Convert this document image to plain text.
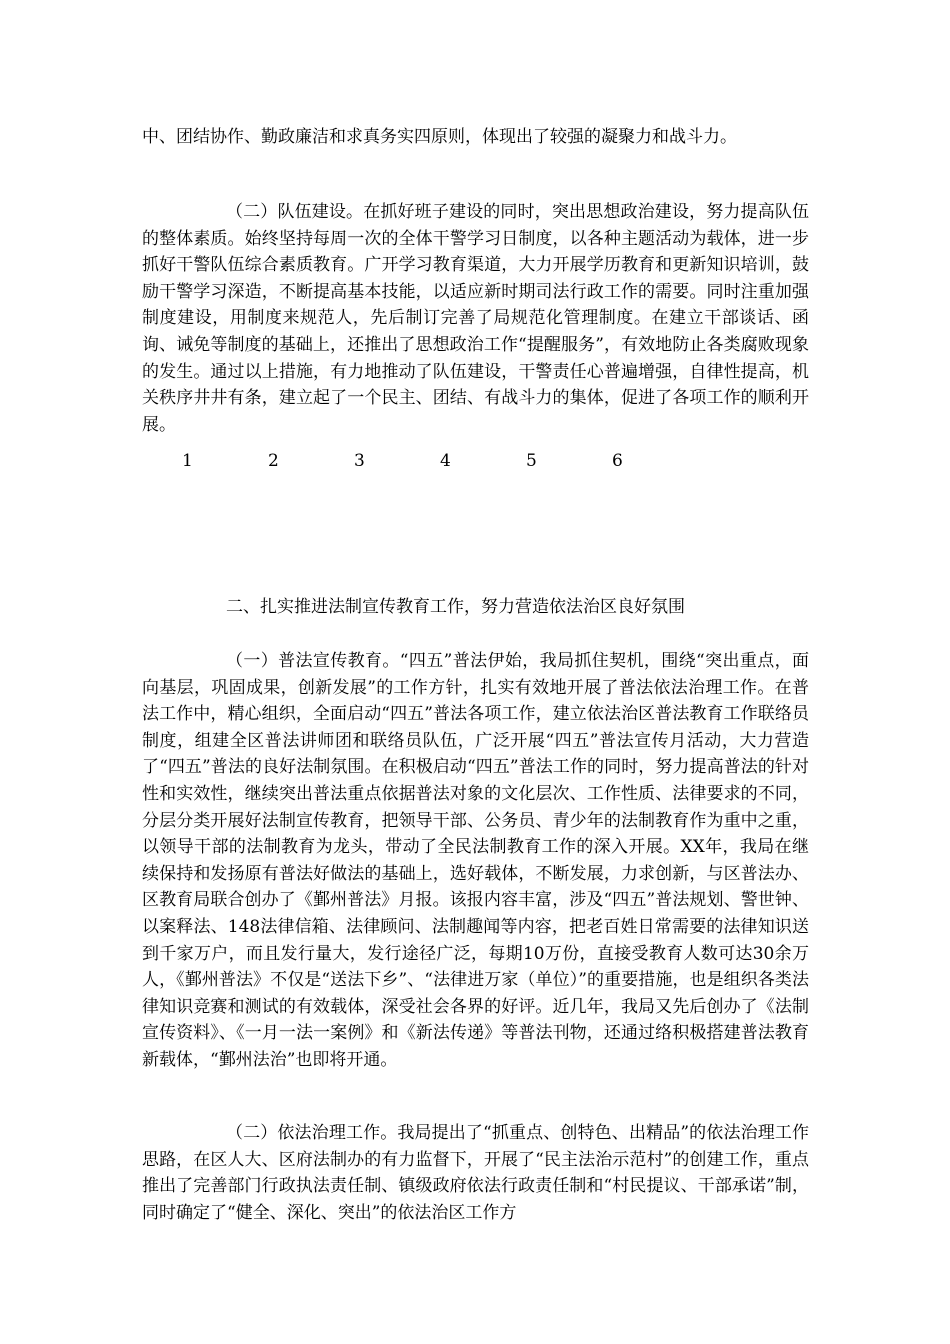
中、团结协作、勤政廉洁和求真务实四原则，体现出了较强的凝聚力和战斗力。

（二）队伍建设。在抓好班子建设的同时，突出思想政治建设，努力提高队伍的整体素质。始终坚持每周一次的全体干警学习日制度，以各种主题活动为载体，进一步抓好干警队伍综合素质教育。广开学习教育渠道，大力开展学历教育和更新知识培训，鼓励干警学习深造，不断提高基本技能，以适应新时期司法行政工作的需要。同时注重加强制度建设，用制度来规范人，先后制订完善了局规范化管理制度。在建立干部谈话、函询、诫免等制度的基础上，还推出了思想政治工作“提醒服务”，有效地防止各类腐败现象的发生。通过以上措施，有力地推动了队伍建设，干警责任心普遍增强，自律性提高，机关秩序井井有条，建立起了一个民主、团结、有战斗力的集体，促进了各项工作的顺利开展。

1	2	3	4	5	6
二、扎实推进法制宣传教育工作，努力营造依法治区良好氛围

（一）普法宣传教育。“四五”普法伊始，我局抓住契机，围绕“突出重点，面向基层，巩固成果，创新发展”的工作方针，扎实有效地开展了普法依法治理工作。在普法工作中，精心组织，全面启动“四五”普法各项工作，建立依法治区普法教育工作联络员制度，组建全区普法讲师团和联络员队伍，广泛开展“四五”普法宣传月活动，大力营造了“四五”普法的良好法制氛围。在积极启动“四五”普法工作的同时，努力提高普法的针对性和实效性，继续突出普法重点依据普法对象的文化层次、工作性质、法律要求的不同，分层分类开展好法制宣传教育，把领导干部、公务员、青少年的法制教育作为重中之重，以领导干部的法制教育为龙头，带动了全民法制教育工作的深入开展。XX年，我局在继续保持和发扬原有普法好做法的基础上，选好载体，不断发展，力求创新，与区普法办、区教育局联合创办了《鄞州普法》月报。该报内容丰富，涉及“四五”普法规划、警世钟、以案释法、148法律信箱、法律顾问、法制趣闻等内容，把老百姓日常需要的法律知识送到千家万户，而且发行量大，发行途径广泛，每期10万份，直接受教育人数可达30余万人，《鄞州普法》不仅是“送法下乡”、“法律进万家（单位）”的重要措施，也是组织各类法律知识竞赛和测试的有效载体，深受社会各界的好评。近几年，我局又先后创办了《法制宣传资料》、《一月一法一案例》和《新法传递》等普法刊物，还通过络积极搭建普法教育新载体，“鄞州法治”也即将开通。

（二）依法治理工作。我局提出了“抓重点、创特色、出精品”的依法治理工作思路，在区人大、区府法制办的有力监督下，开展了“民主法治示范村”的创建工作，重点推出了完善部门行政执法责任制、镇级政府依法行政责任制和“村民提议、干部承诺”制，同时确定了“健全、深化、突出”的依法治区工作方
